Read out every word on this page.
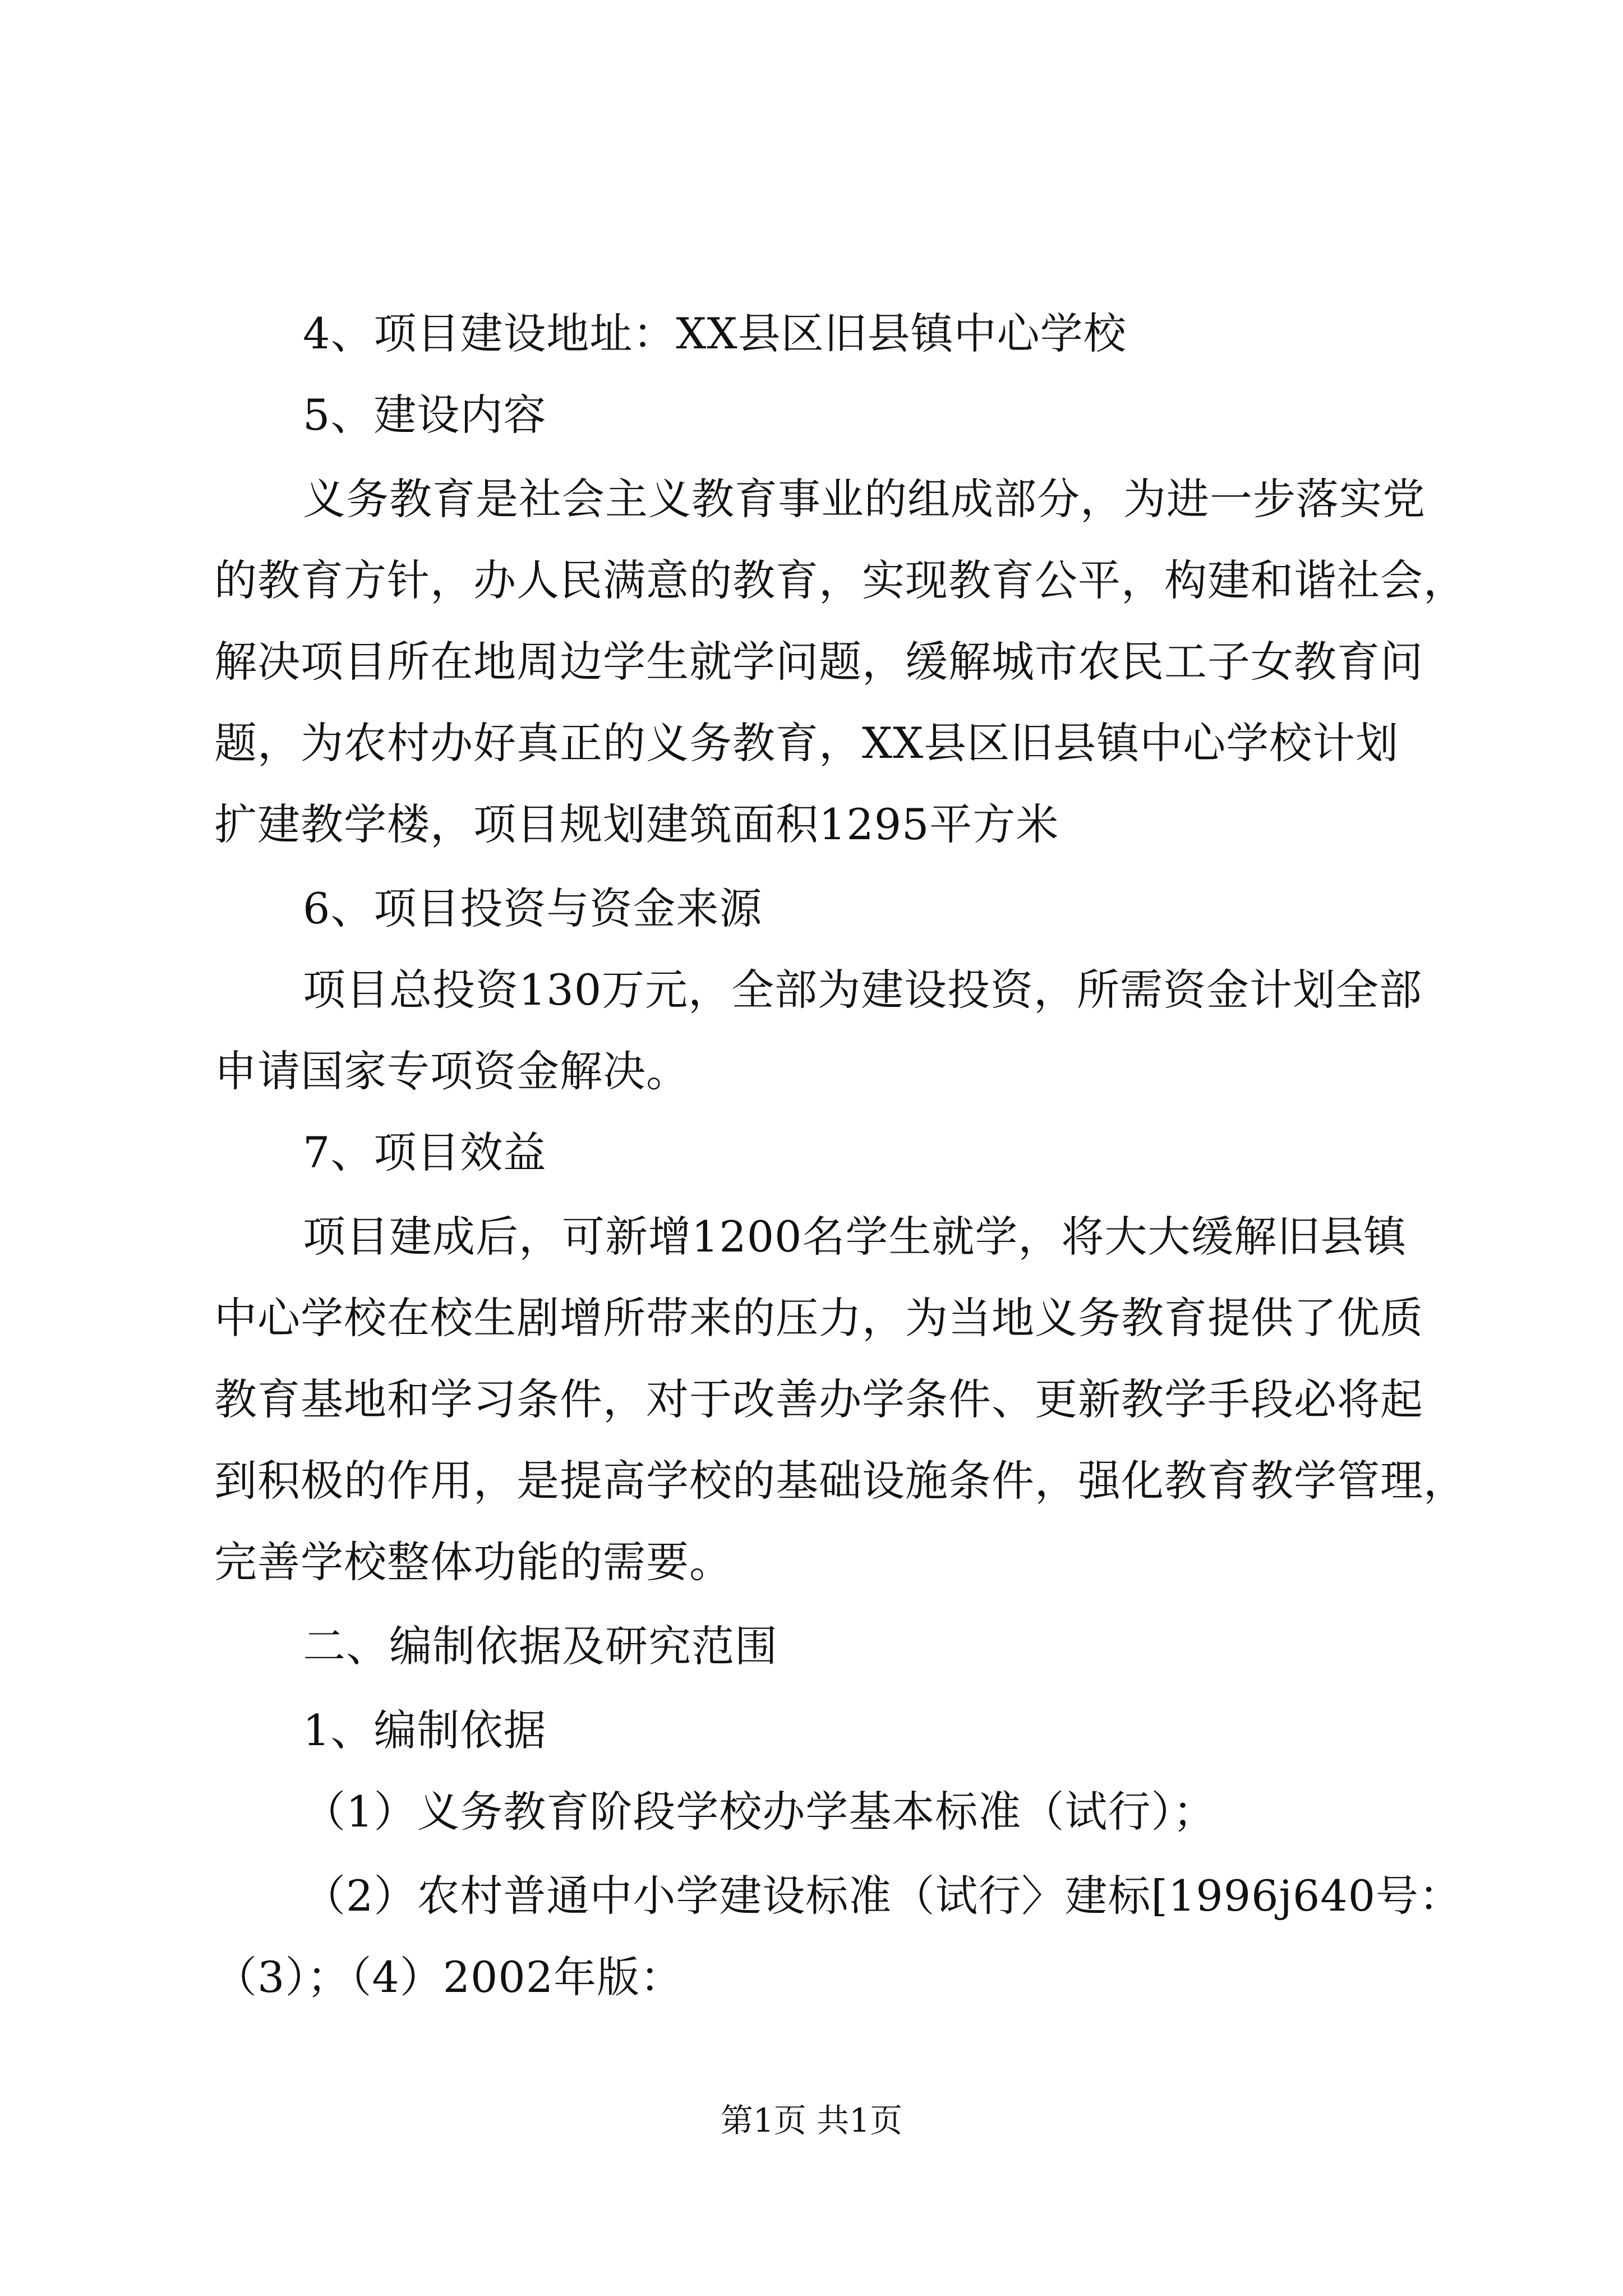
4、项目建设地址：XX县区旧县镇中心学校
5、建设内容
义务教育是社会主义教育事业的组成部分，为进一步落实党
的教育方针，办人民满意的教育，实现教育公平，构建和谐社会，
解决项目所在地周边学生就学问题，缓解城市农民工子女教育问
题，为农村办好真正的义务教育，XX县区旧县镇中心学校计划
扩建教学楼，项目规划建筑面积1295平方米
6、项目投资与资金来源
项目总投资130万元，全部为建设投资，所需资金计划全部
申请国家专项资金解决。
7、项目效益
项目建成后，可新增1200名学生就学，将大大缓解旧县镇
中心学校在校生剧增所带来的压力，为当地义务教育提供了优质
教育基地和学习条件，对于改善办学条件、更新教学手段必将起
到积极的作用，是提高学校的基础设施条件，强化教育教学管理，
完善学校整体功能的需要。
二、编制依据及研究范围
1、编制依据
（1）义务教育阶段学校办学基本标准（试行）；
（2）农村普通中小学建设标准（试行〉建标[1996j640号：
（3）；（4）2002年版：
第1页 共1页
